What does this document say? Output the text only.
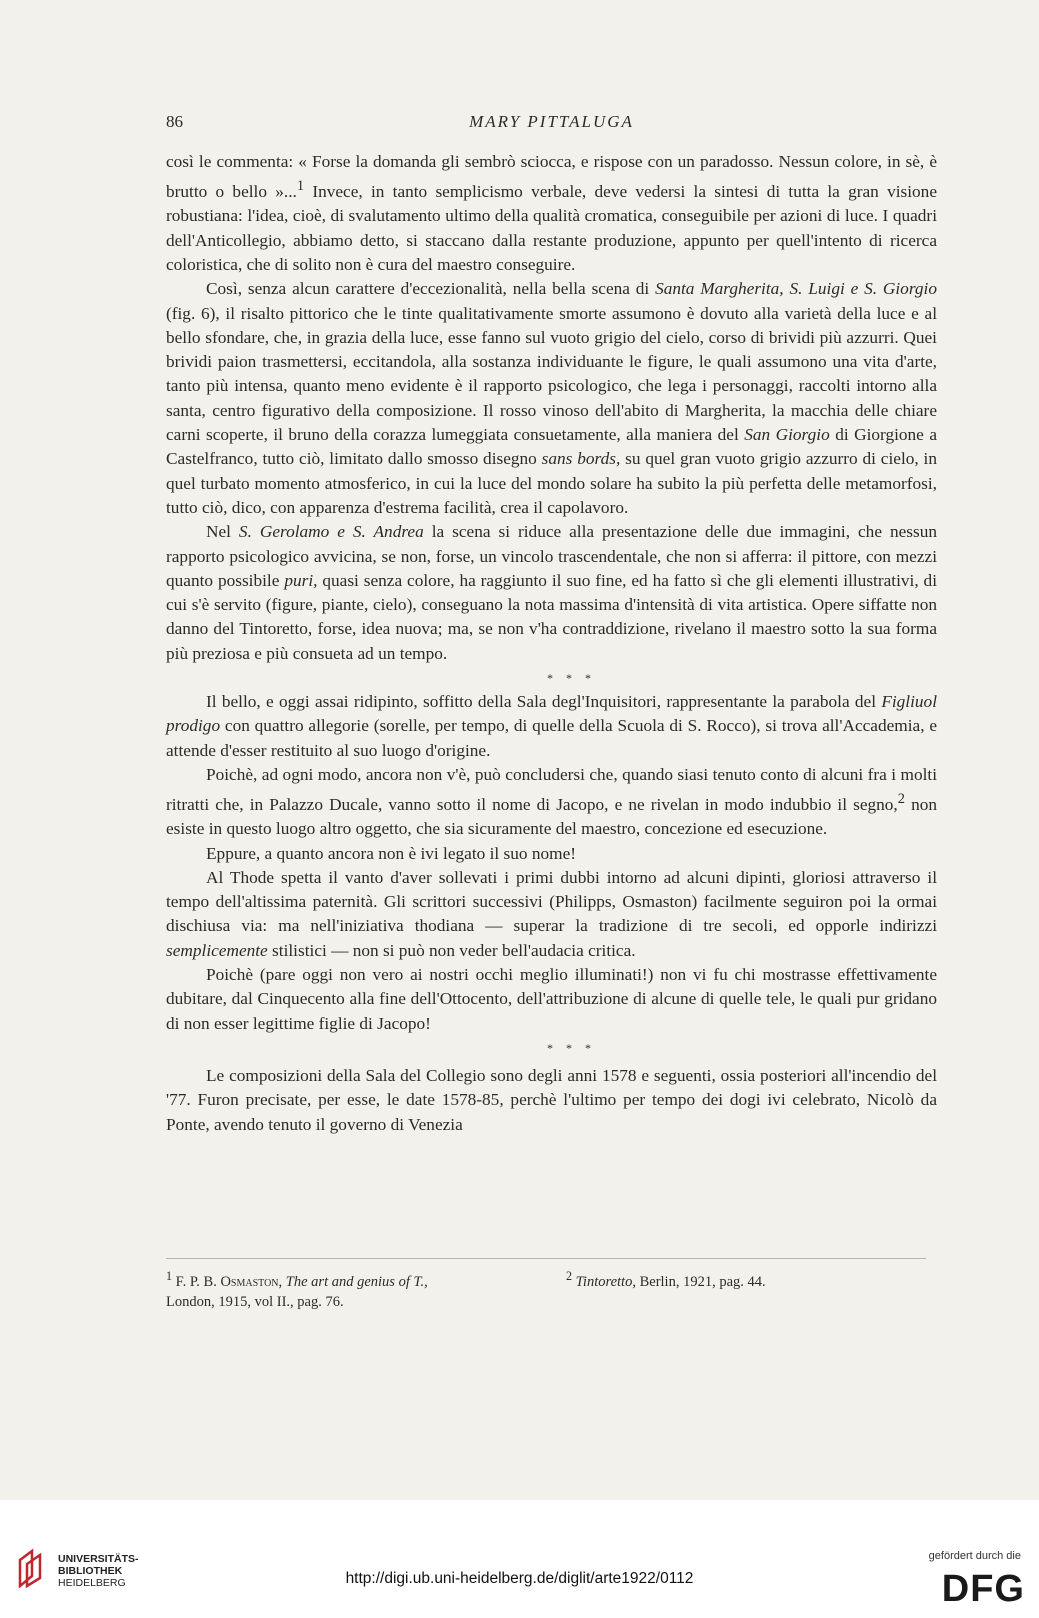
86	MARY PITTALUGA

così le commenta: « Forse la domanda gli sembrò sciocca, e rispose con un paradosso. Nessun colore, in sè, è brutto o bello »...$^1$ Invece, in tanto semplicismo verbale, deve vedersi la sintesi di tutta la gran visione robustiana: l'idea, cioè, di svalutamento ultimo della qualità cromatica, conseguibile per azioni di luce. I quadri dell'Anticollegio, abbiamo detto, si staccano dalla restante produzione, appunto per quell'intento di ricerca coloristica, che di solito non è cura del maestro conseguire.

Così, senza alcun carattere d'eccezionalità, nella bella scena di Santa Margherita, S. Luigi e S. Giorgio (fig. 6), il risalto pittorico che le tinte qualitativamente smorte assumono è dovuto alla varietà della luce e al bello sfondare, che, in grazia della luce, esse fanno sul vuoto grigio del cielo, corso di brividi più azzurri. Quei brividi paion trasmettersi, eccitandola, alla sostanza individuante le figure, le quali assumono una vita d'arte, tanto più intensa, quanto meno evidente è il rapporto psicologico, che lega i personaggi, raccolti intorno alla santa, centro figurativo della composizione. Il rosso vinoso dell'abito di Margherita, la macchia delle chiare carni scoperte, il bruno della corazza lumeggiata consuetamente, alla maniera del San Giorgio di Giorgione a Castelfranco, tutto ciò, limitato dallo smosso disegno sans bords, su quel gran vuoto grigio azzurro di cielo, in quel turbato momento atmosferico, in cui la luce del mondo solare ha subito la più perfetta delle metamorfosi, tutto ciò, dico, con apparenza d'estrema facilità, crea il capolavoro.

Nel S. Gerolamo e S. Andrea la scena si riduce alla presentazione delle due immagini, che nessun rapporto psicologico avvicina, se non, forse, un vincolo trascendentale, che non si afferra: il pittore, con mezzi quanto possibile puri, quasi senza colore, ha raggiunto il suo fine, ed ha fatto sì che gli elementi illustrativi, di cui s'è servito (figure, piante, cielo), conseguano la nota massima d'intensità di vita artistica. Opere siffatte non danno del Tintoretto, forse, idea nuova; ma, se non v'ha contraddizione, rivelano il maestro sotto la sua forma più preziosa e più consueta ad un tempo.

* * *

Il bello, e oggi assai ridipinto, soffitto della Sala degl'Inquisitori, rappresentante la parabola del Figliuol prodigo con quattro allegorie (sorelle, per tempo, di quelle della Scuola di S. Rocco), si trova all'Accademia, e attende d'esser restituito al suo luogo d'origine.

Poichè, ad ogni modo, ancora non v'è, può concludersi che, quando siasi tenuto conto di alcuni fra i molti ritratti che, in Palazzo Ducale, vanno sotto il nome di Jacopo, e ne rivelan in modo indubbio il segno,$^2$ non esiste in questo luogo altro oggetto, che sia sicuramente del maestro, concezione ed esecuzione.

Eppure, a quanto ancora non è ivi legato il suo nome!

Al Thode spetta il vanto d'aver sollevati i primi dubbi intorno ad alcuni dipinti, gloriosi attraverso il tempo dell'altissima paternità. Gli scrittori successivi (Philipps, Osmaston) facilmente seguiron poi la ormai dischiusa via: ma nell'iniziativa thodiana — superar la tradizione di tre secoli, ed opporle indirizzi semplicemente stilistici — non si può non veder bell'audacia critica.

Poichè (pare oggi non vero ai nostri occhi meglio illuminati!) non vi fu chi mostrasse effettivamente dubitare, dal Cinquecento alla fine dell'Ottocento, dell'attribuzione di alcune di quelle tele, le quali pur gridano di non esser legittime figlie di Jacopo!

* * *

Le composizioni della Sala del Collegio sono degli anni 1578 e seguenti, ossia posteriori all'incendio del '77. Furon precisate, per esse, le date 1578-85, perchè l'ultimo per tempo dei dogi ivi celebrato, Nicolò da Ponte, avendo tenuto il governo di Venezia

$^1$ F. P. B. Osmaston, The art and genius of T.,
London, 1915, vol II., pag. 76.
$^2$ Tintoretto, Berlin, 1921, pag. 44.
UNIVERSITÄTS-
BIBLIOTHEK
HEIDELBERG	http://digi.ub.uni-heidelberg.de/diglit/arte1922/0112
gefördert durch die
DFG
